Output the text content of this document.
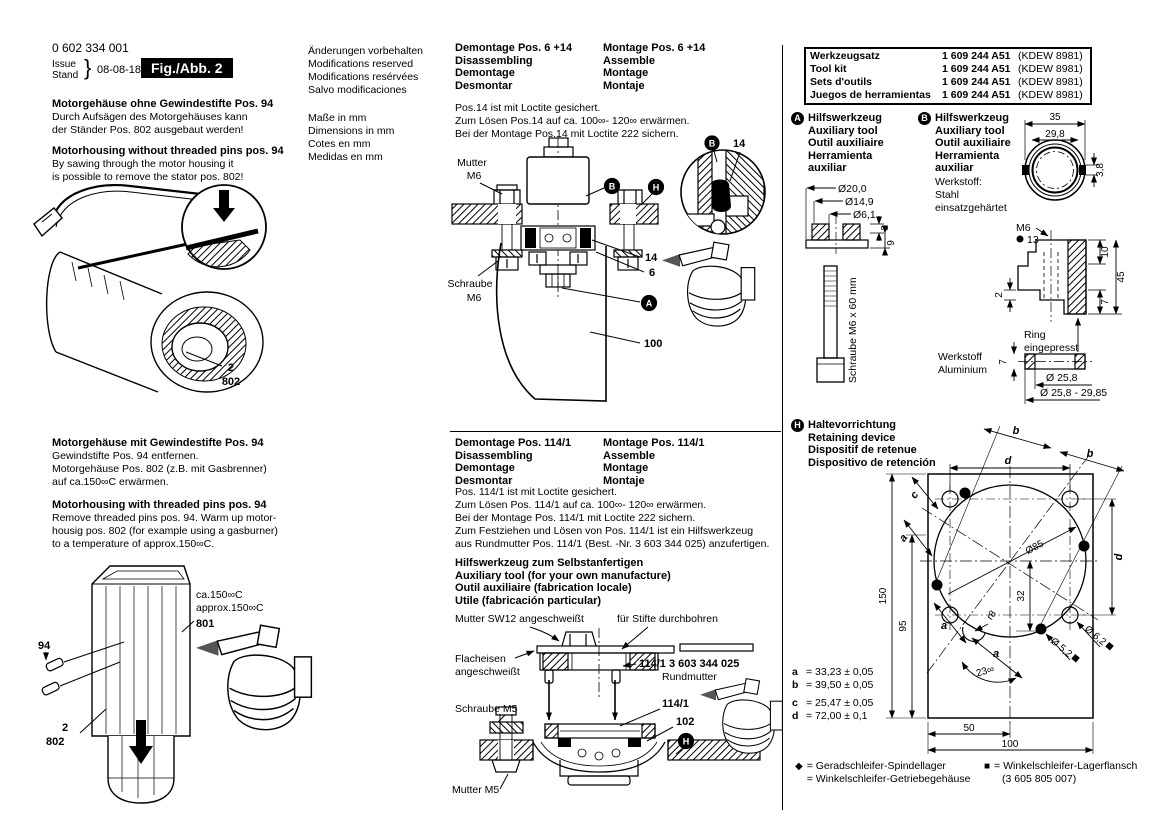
2
802
94
2
802
801
ca.150∞C
approx.150∞C
Mutter
M6
Schraube
M6
B	H
14
6
A
100
B 14
Mutter SW12 angeschweißt	für Stifte durchbohren
Flacheisen
angeschweißt
114/1 3 603 344 025
Rundmutter
Schraube M5	114/1
102
H
Mutter M5
Ø20,0
Ø14,9
Ø6,1
3
9
Schraube M6 x 60 mm
35
29,8
3,8
M6
13
10
45
7
2
Ring
eingepresst
7
Werkstoff
Aluminium
Ø 25,8
Ø 25,8 - 29,85
d
b
b
c
a
a
a
23∞
Ø85
32
d
150
95
r8
Ø 5,2 Ø 6,2
50
100
0 602 334 001
Issue
Stand } 08-08-18 Fig./Abb. 2
Motorgehäuse ohne Gewindestifte Pos. 94
Durch Aufsägen des Motorgehäuses kann
der Ständer Pos. 802 ausgebaut werden!
Motorhousing without threaded pins pos. 94
By sawing through the motor housing it
is possible to remove the stator pos. 802!
Motorgehäuse mit Gewindestifte Pos. 94
Gewindstifte Pos. 94 entfernen.
Motorgehäuse Pos. 802 (z.B. mit Gasbrenner)
auf ca.150∞C erwärmen.
Motorhousing with threaded pins pos. 94
Remove threaded pins pos. 94. Warm up motor-
housig pos. 802 (for example using a gasburner)
to a temperature of approx.150∞C.
Änderungen vorbehalten
Modifications reserved
Modifications resérvées
Salvo modificaciones
Maße in mm
Dimensions in mm
Cotes en mm
Medidas en mm
Demontage Pos. 6 +14
Disassembling
Demontage
Desmontar
Montage Pos. 6 +14
Assemble
Montage
Montaje
Pos.14 ist mit Loctite gesichert.
Zum Lösen Pos.14 auf ca. 100∞- 120∞ erwärmen.
Bei der Montage Pos.14 mit Loctite 222 sichern.
Demontage Pos. 114/1
Disassembling
Demontage
Desmontar
Montage Pos. 114/1
Assemble
Montage
Montaje
Pos. 114/1 ist mit Loctite gesichert.
Zum Lösen Pos. 114/1 auf ca. 100∞- 120∞ erwärmen.
Bei der Montage Pos. 114/1 mit Loctite 222 sichern.
Zum Festziehen und Lösen von Pos. 114/1 ist ein Hilfswerkzeug
aus Rundmutter Pos. 114/1 (Best. -Nr. 3 603 344 025) anzufertigen.
Hilfswerkzeug zum Selbstanfertigen
Auxiliary tool (for your own manufacture)
Outil auxiliaire (fabrication locale)
Utile (fabricación particular)
Werkzeugsatz	1 609 244 A51 (KDEW 8981)
Tool kit	1 609 244 A51 (KDEW 8981)
Sets d'outils	1 609 244 A51 (KDEW 8981)
Juegos de herramientas	1 609 244 A51 (KDEW 8981)
A Hilfswerkzeug
Auxiliary tool
Outil auxiliaire
Herramienta
auxiliar
B Hilfswerkzeug
Auxiliary tool
Outil auxiliaire
Herramienta
auxiliar
Werkstoff:
Stahl
einsatzgehärtet
H Haltevorrichtung
Retaining device
Dispositif de retenue
Dispositivo de retención
a = 33,23 ± 0,05
b = 39,50 ± 0,05
c = 25,47 ± 0,05
d = 72,00 ± 0,1
◆ = Geradschleifer-Spindellager
= Winkelschleifer-Getriebegehäuse
■ = Winkelschleifer-Lagerflansch
(3 605 805 007)
